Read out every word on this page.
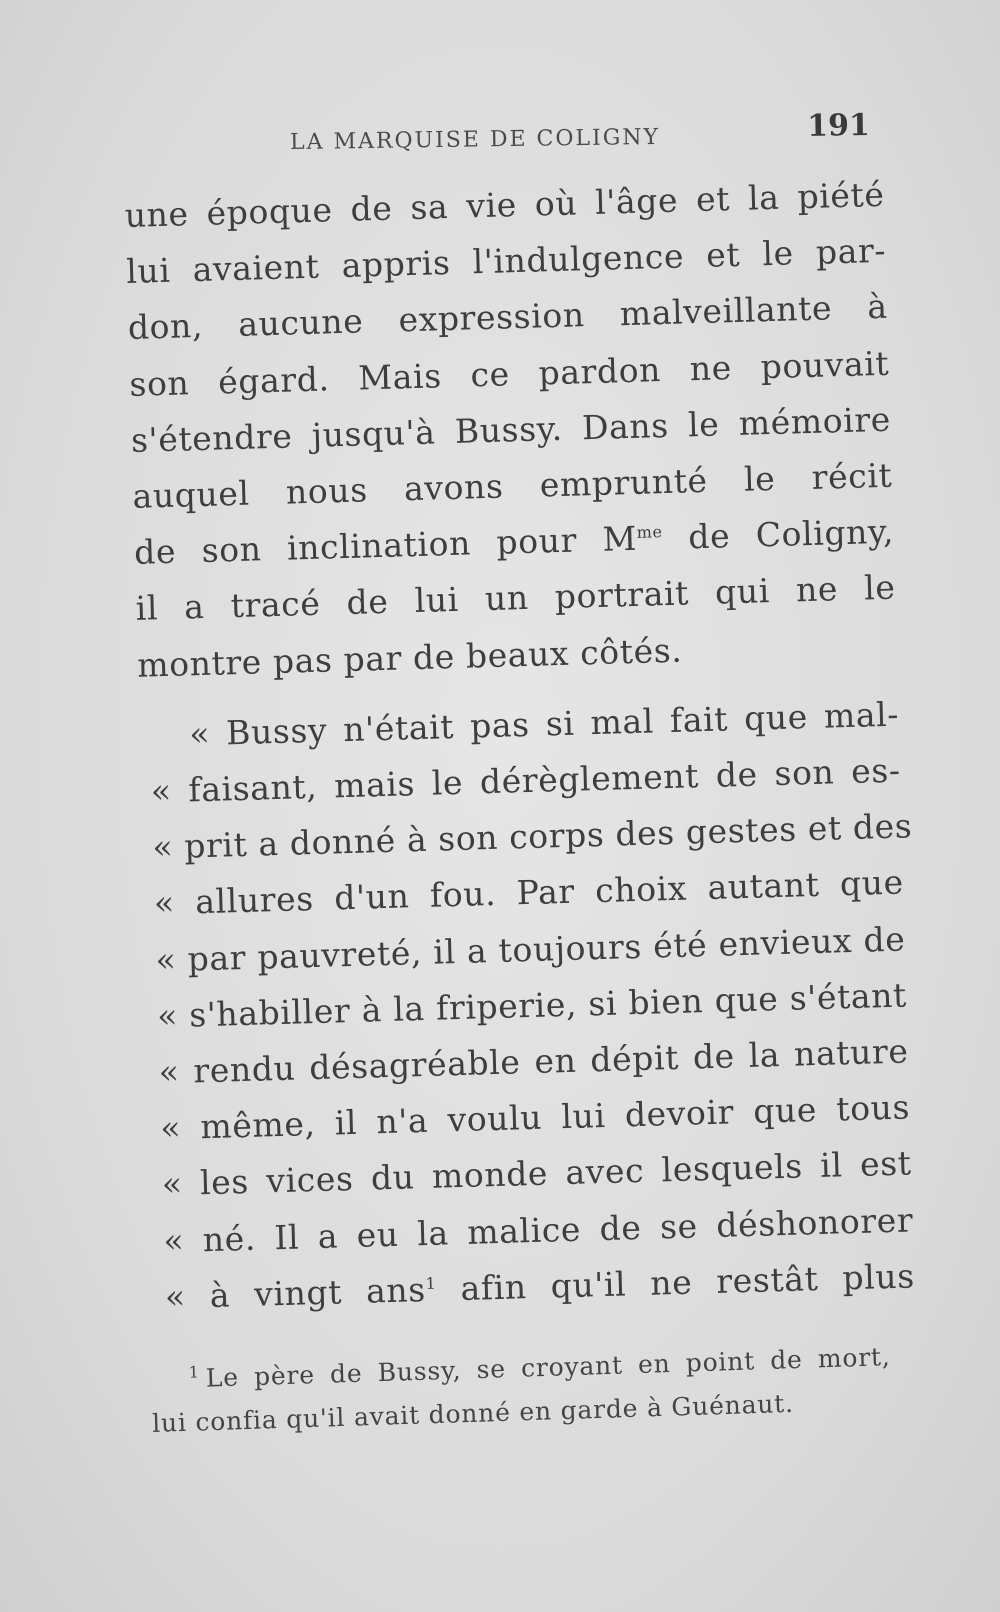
LA MARQUISE DE COLIGNY	191
une époque de sa vie où l'âge et la piété
lui avaient appris l'indulgence et le par-
don, aucune expression malveillante à
son égard. Mais ce pardon ne pouvait
s'étendre jusqu'à Bussy. Dans le mémoire
auquel nous avons emprunté le récit
de son inclination pour $M^{me}$ de Coligny,
il a tracé de lui un portrait qui ne le
montre pas par de beaux côtés.
« Bussy n'était pas si mal fait que mal-
« faisant, mais le dérèglement de son es-
« prit a donné à son corps des gestes et des
« allures d'un fou. Par choix autant que
« par pauvreté, il a toujours été envieux de
« s'habiller à la friperie, si bien que s'étant
« rendu désagréable en dépit de la nature
« même, il n'a voulu lui devoir que tous
« les vices du monde avec lesquels il est
« né. Il a eu la malice de se déshonorer
« à vingt ans$^1$ afin qu'il ne restât plus
$^1$ Le père de Bussy, se croyant en point de mort,
lui confia qu'il avait donné en garde à Guénaut.
